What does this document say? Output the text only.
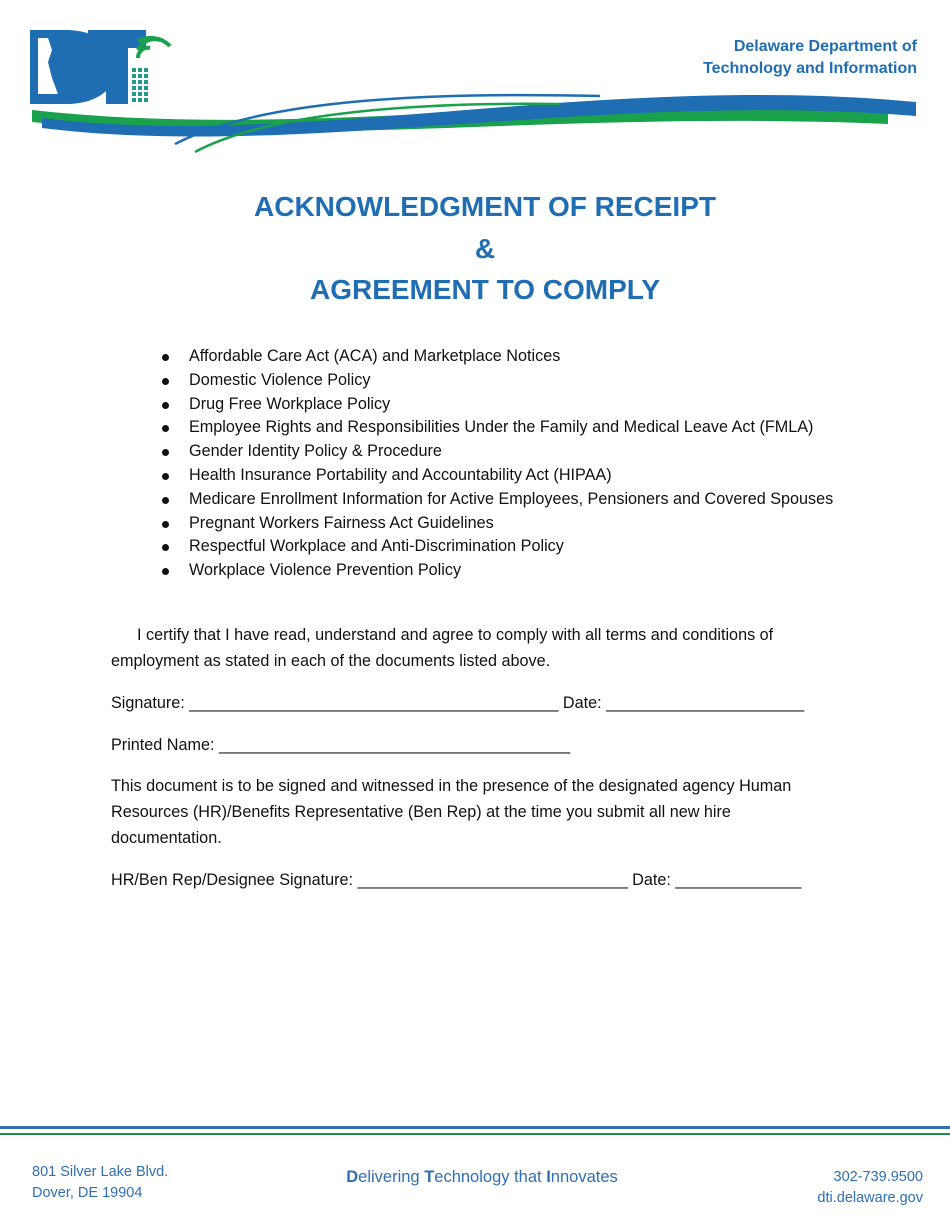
Delaware Department of
Technology and Information
ACKNOWLEDGMENT OF RECEIPT
&
AGREEMENT TO COMPLY
Affordable Care Act (ACA) and Marketplace Notices
Domestic Violence Policy
Drug Free Workplace Policy
Employee Rights and Responsibilities Under the Family and Medical Leave Act (FMLA)
Gender Identity Policy & Procedure
Health Insurance Portability and Accountability Act (HIPAA)
Medicare Enrollment Information for Active Employees, Pensioners and Covered Spouses
Pregnant Workers Fairness Act Guidelines
Respectful Workplace and Anti-Discrimination Policy
Workplace Violence Prevention Policy

I certify that I have read, understand and agree to comply with all terms and conditions of employment as stated in each of the documents listed above.

Signature: _________________________________________ Date: ______________________
Printed Name: _______________________________________

This document is to be signed and witnessed in the presence of the designated agency Human Resources (HR)/Benefits Representative (Ben Rep) at the time you submit all new hire documentation.

HR/Ben Rep/Designee Signature: ______________________________ Date: ______________
801 Silver Lake Blvd.
Dover, DE 19904
Delivering Technology that Innovates	302-739.9500
dti.delaware.gov
